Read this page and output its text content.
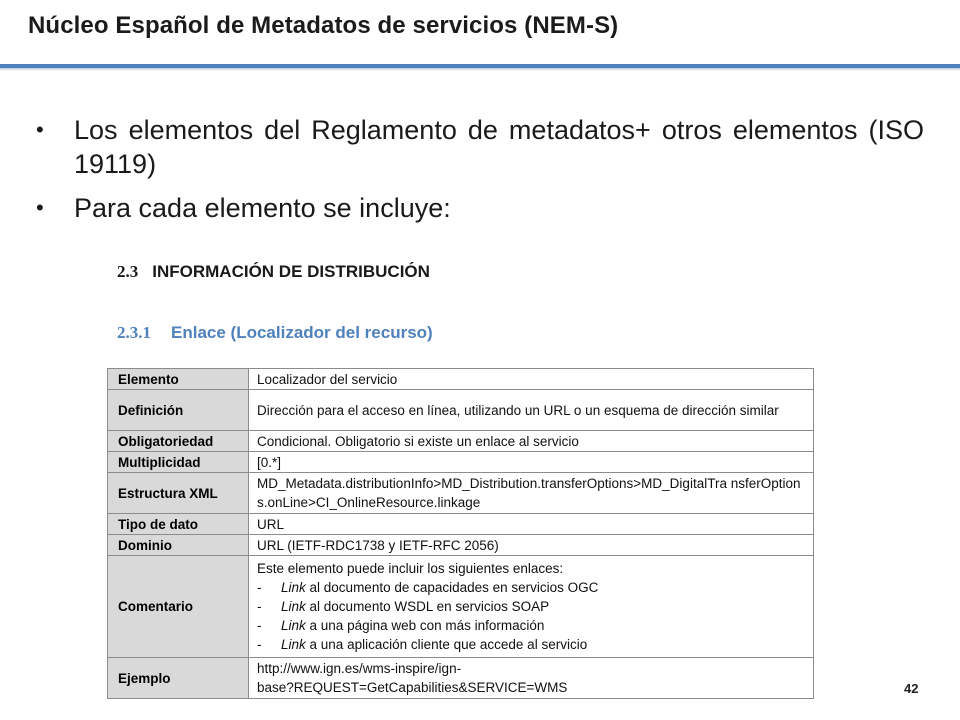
Núcleo Español de Metadatos de servicios (NEM-S)
• Los elementos del Reglamento de metadatos+ otros elementos (ISO 19119)
• Para cada elemento se incluye:
2.3 INFORMACIÓN DE DISTRIBUCIÓN
2.3.1 Enlace (Localizador del recurso)
Elemento	Localizador del servicio
Definición	Dirección para el acceso en línea, utilizando un URL o un esquema de dirección similar
Obligatoriedad	Condicional. Obligatorio si existe un enlace al servicio
Multiplicidad	[0.*]
Estructura XML	MD_Metadata.distributionInfo>MD_Distribution.transferOptions>MD_DigitalTra nsferOptions.onLine>CI_OnlineResource.linkage
Tipo de dato	URL
Dominio	URL (IETF-RDC1738 y IETF-RFC 2056)
Comentario	Este elemento puede incluir los siguientes enlaces:
- Link al documento de capacidades en servicios OGC
- Link al documento WSDL en servicios SOAP
- Link a una página web con más información
- Link a una aplicación cliente que accede al servicio

Ejemplo	http://www.ign.es/wms-inspire/ign-
base?REQUEST=GetCapabilities&SERVICE=WMS	42
